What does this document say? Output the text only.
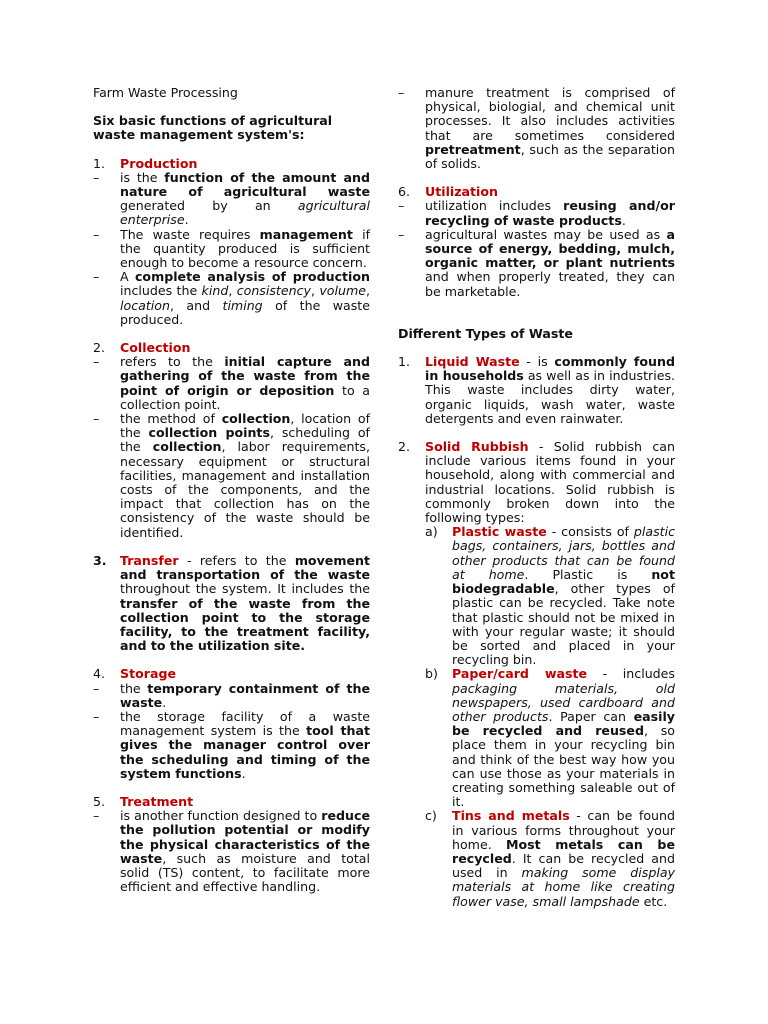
Farm Waste Processing

Six basic functions of agricultural waste management system's:

1.	Production
–	is the function of the amount and nature of agricultural waste generated by an agricultural enterprise.
–	The waste requires management if the quantity produced is sufficient enough to become a resource concern.
–	A complete analysis of production includes the kind, consistency, volume, location, and timing of the waste produced.
2.	Collection
–	refers to the initial capture and gathering of the waste from the point of origin or deposition to a collection point.
–	the method of collection, location of the collection points, scheduling of the collection, labor requirements, necessary equipment or structural facilities, management and installation costs of the components, and the impact that collection has on the consistency of the waste should be identified.
3.	Transfer - refers to the movement and transportation of the waste throughout the system. It includes the transfer of the waste from the collection point to the storage facility, to the treatment facility, and to the utilization site.
4.	Storage
–	the temporary containment of the waste.
–	the storage facility of a waste management system is the tool that gives the manager control over the scheduling and timing of the system functions.
5.	Treatment
–	is another function designed to reduce the pollution potential or modify the physical characteristics of the waste, such as moisture and total solid (TS) content, to facilitate more efficient and effective handling.
–	manure treatment is comprised of physical, biologial, and chemical unit processes. It also includes activities that are sometimes considered pretreatment, such as the separation of solids.
6.	Utilization
–	utilization includes reusing and/or recycling of waste products.
–	agricultural wastes may be used as a source of energy, bedding, mulch, organic matter, or plant nutrients and when properly treated, they can be marketable.

Different Types of Waste

1.	Liquid Waste - is commonly found in households as well as in industries. This waste includes dirty water, organic liquids, wash water, waste detergents and even rainwater.
2.	Solid Rubbish - Solid rubbish can include various items found in your household, along with commercial and industrial locations. Solid rubbish is commonly broken down into the following types:
a)	Plastic waste - consists of plastic bags, containers, jars, bottles and other products that can be found at home. Plastic is not biodegradable, other types of plastic can be recycled. Take note that plastic should not be mixed in with your regular waste; it should be sorted and placed in your recycling bin.
b)	Paper/card waste - includes packaging materials, old newspapers, used cardboard and other products. Paper can easily be recycled and reused, so place them in your recycling bin and think of the best way how you can use those as your materials in creating something saleable out of it.
c)	Tins and metals - can be found in various forms throughout your home. Most metals can be recycled. It can be recycled and used in making some display materials at home like creating flower vase, small lampshade etc.
